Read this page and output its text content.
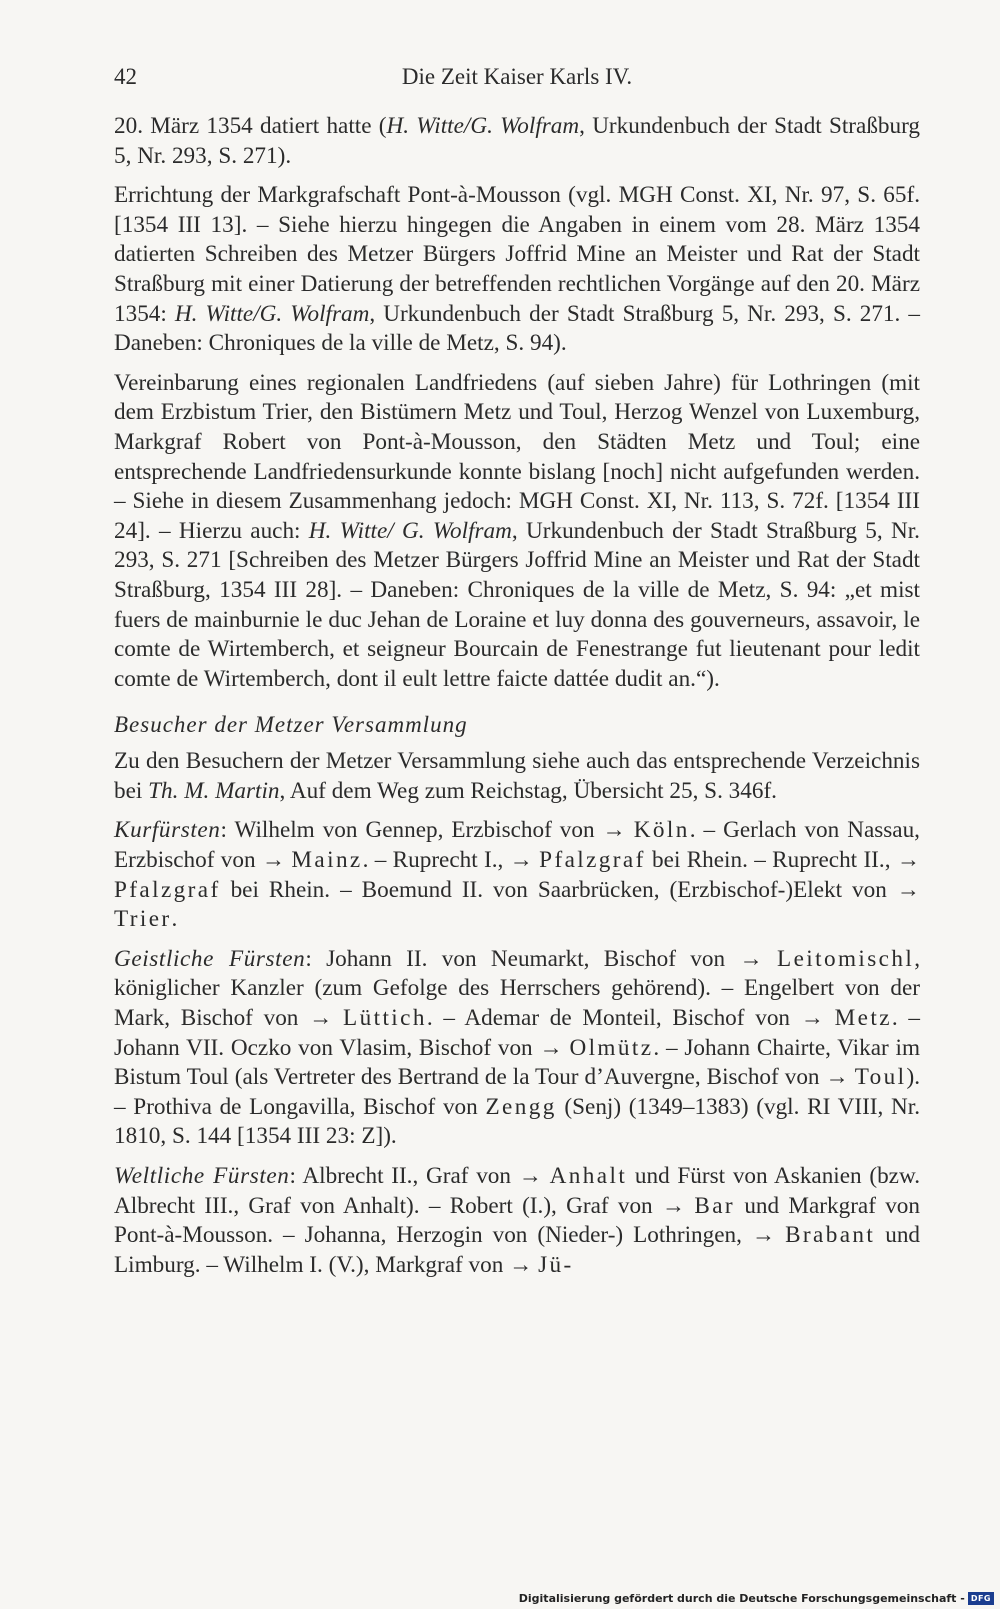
42	Die Zeit Kaiser Karls IV.

20. März 1354 datiert hatte (H. Witte/G. Wolfram, Urkundenbuch der Stadt Straßburg 5, Nr. 293, S. 271).

Errichtung der Markgrafschaft Pont-à-Mousson (vgl. MGH Const. XI, Nr. 97, S. 65f. [1354 III 13]. – Siehe hierzu hingegen die Angaben in einem vom 28. März 1354 datierten Schreiben des Metzer Bürgers Joffrid Mine an Meister und Rat der Stadt Straßburg mit einer Datierung der betreffenden rechtlichen Vorgänge auf den 20. März 1354: H. Witte/G. Wolfram, Urkundenbuch der Stadt Straßburg 5, Nr. 293, S. 271. – Daneben: Chroniques de la ville de Metz, S. 94).

Vereinbarung eines regionalen Landfriedens (auf sieben Jahre) für Lothringen (mit dem Erzbistum Trier, den Bistümern Metz und Toul, Herzog Wenzel von Luxemburg, Markgraf Robert von Pont-à-Mousson, den Städten Metz und Toul; eine entsprechende Landfriedensurkunde konnte bislang [noch] nicht aufgefunden werden. – Siehe in diesem Zusammenhang jedoch: MGH Const. XI, Nr. 113, S. 72f. [1354 III 24]. – Hierzu auch: H. Witte/ G. Wolfram, Urkundenbuch der Stadt Straßburg 5, Nr. 293, S. 271 [Schreiben des Metzer Bürgers Joffrid Mine an Meister und Rat der Stadt Straßburg, 1354 III 28]. – Daneben: Chroniques de la ville de Metz, S. 94: „et mist fuers de mainburnie le duc Jehan de Loraine et luy donna des gouverneurs, assavoir, le comte de Wirtemberch, et seigneur Bourcain de Fenestrange fut lieutenant pour ledit comte de Wirtemberch, dont il eult lettre faicte dattée dudit an.“).

Besucher der Metzer Versammlung

Zu den Besuchern der Metzer Versammlung siehe auch das entsprechende Verzeichnis bei Th. M. Martin, Auf dem Weg zum Reichstag, Übersicht 25, S. 346f.

Kurfürsten: Wilhelm von Gennep, Erzbischof von → Köln. – Gerlach von Nassau, Erzbischof von → Mainz. – Ruprecht I., → Pfalzgraf bei Rhein. – Ruprecht II., → Pfalzgraf bei Rhein. – Boemund II. von Saarbrücken, (Erzbischof-)Elekt von → Trier.

Geistliche Fürsten: Johann II. von Neumarkt, Bischof von → Leitomischl, königlicher Kanzler (zum Gefolge des Herrschers gehörend). – Engelbert von der Mark, Bischof von → Lüttich. – Ademar de Monteil, Bischof von → Metz. – Johann VII. Oczko von Vlasim, Bischof von → Olmütz. – Johann Chairte, Vikar im Bistum Toul (als Vertreter des Bertrand de la Tour d’Auvergne, Bischof von → Toul). – Prothiva de Longavilla, Bischof von Zengg (Senj) (1349–1383) (vgl. RI VIII, Nr. 1810, S. 144 [1354 III 23: Z]).

Weltliche Fürsten: Albrecht II., Graf von → Anhalt und Fürst von Askanien (bzw. Albrecht III., Graf von Anhalt). – Robert (I.), Graf von → Bar und Markgraf von Pont-à-Mousson. – Johanna, Herzogin von (Nieder-) Lothringen, → Brabant und Limburg. – Wilhelm I. (V.), Markgraf von → Jü-

Digitalisierung gefördert durch die Deutsche Forschungsgemeinschaft - DFG
